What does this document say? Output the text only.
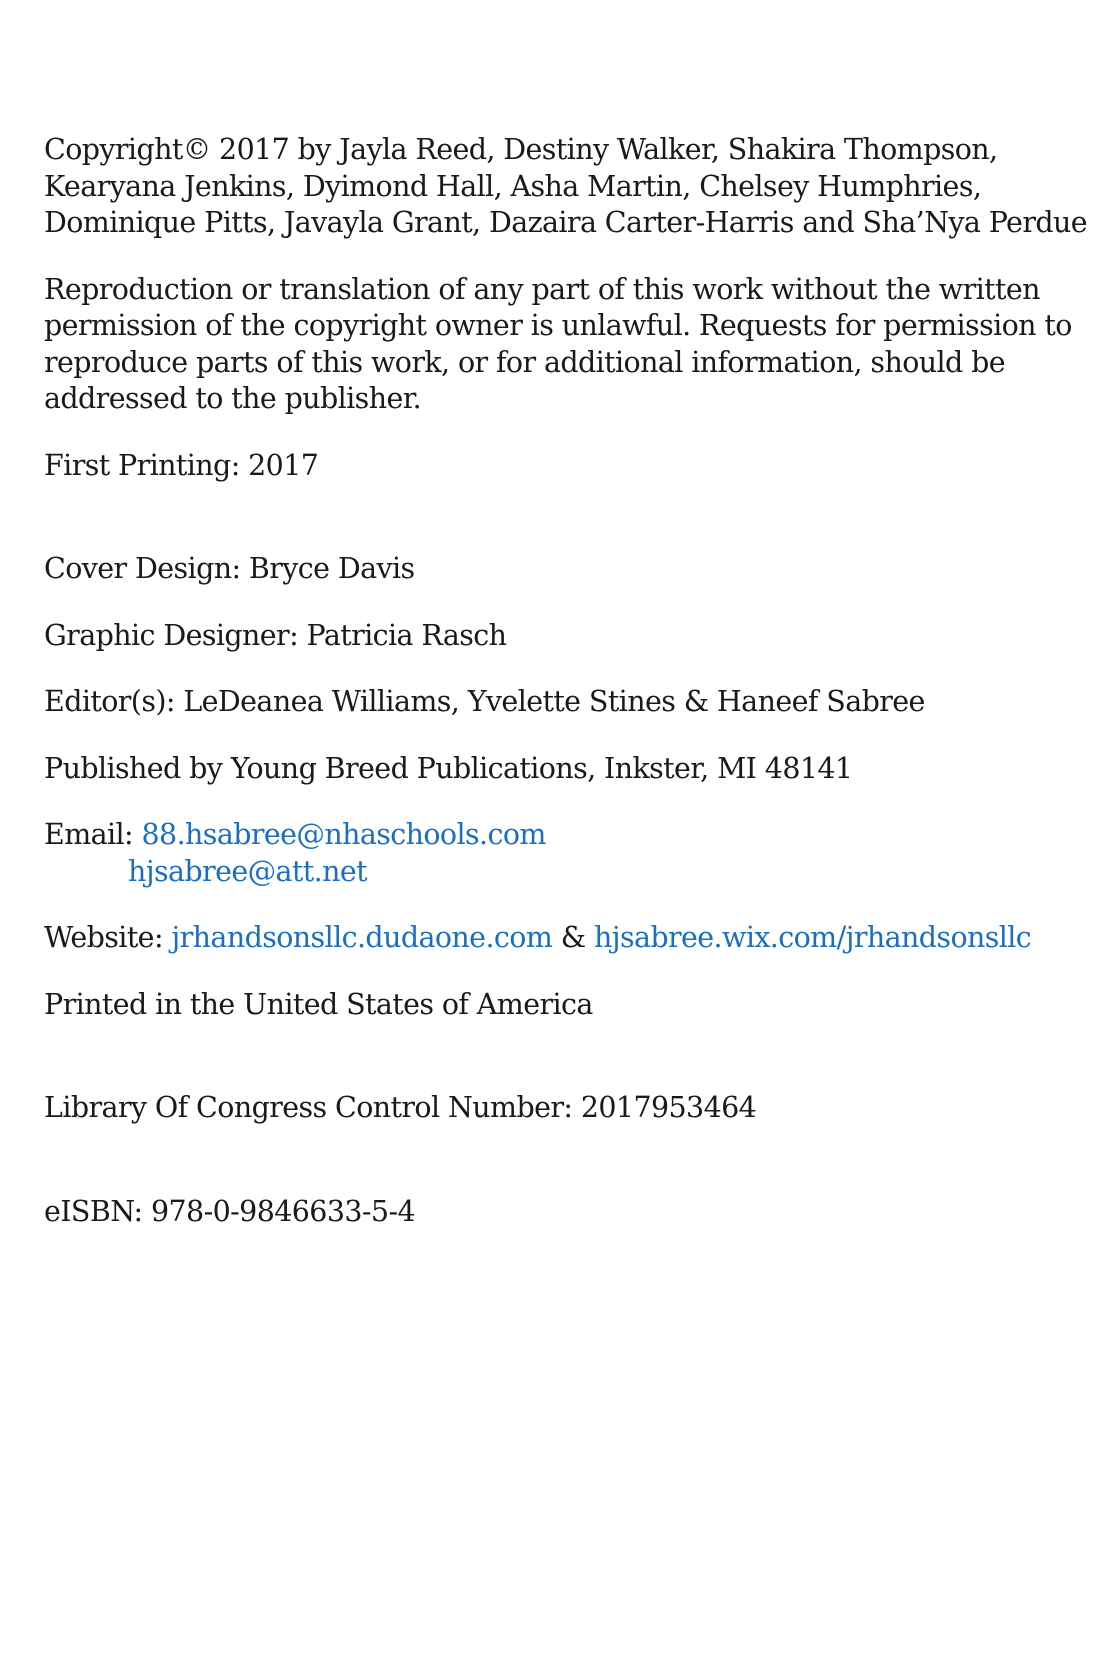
Copyright© 2017 by Jayla Reed, Destiny Walker, Shakira Thompson,

Kearyana Jenkins, Dyimond Hall, Asha Martin, Chelsey Humphries,

Dominique Pitts, Javayla Grant, Dazaira Carter-Harris and Sha’Nya Perdue

Reproduction or translation of any part of this work without the written

permission of the copyright owner is unlawful. Requests for permission to

reproduce parts of this work, or for additional information, should be

addressed to the publisher.

First Printing: 2017

Cover Design: Bryce Davis

Graphic Designer: Patricia Rasch

Editor(s): LeDeanea Williams, Yvelette Stines & Haneef Sabree

Published by Young Breed Publications, Inkster, MI 48141

Email: 88.hsabree@nhaschools.com

hjsabree@att.net

Website: jrhandsonsllc.dudaone.com & hjsabree.wix.com/jrhandsonsllc

Printed in the United States of America

Library Of Congress Control Number: 2017953464

eISBN: 978-0-9846633-5-4
